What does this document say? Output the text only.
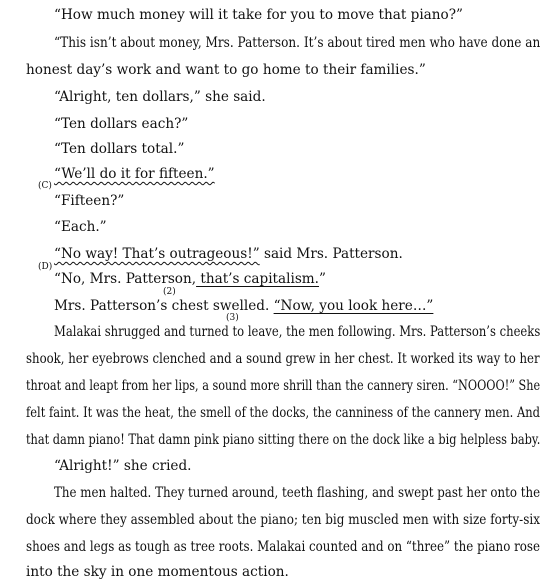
“How much money will it take for you to move that piano?”
“This isn’t about money, Mrs. Patterson. It’s about tired men who have done an
honest day’s work and want to go home to their families.”
“Alright, ten dollars,” she said.
“Ten dollars each?”
“Ten dollars total.”
“We’ll do it for fifteen.”
(C)
“Fifteen?”
“Each.”
“No way! That’s outrageous!” said Mrs. Patterson.
(D)
“No, Mrs. Patterson, that’s capitalism.”
(2)
Mrs. Patterson’s chest swelled. “Now, you look here…”
(3)
Malakai shrugged and turned to leave, the men following. Mrs. Patterson’s cheeks
shook, her eyebrows clenched and a sound grew in her chest. It worked its way to her
throat and leapt from her lips, a sound more shrill than the cannery siren. “NOOOO!” She
felt faint. It was the heat, the smell of the docks, the canniness of the cannery men. And
that damn piano! That damn pink piano sitting there on the dock like a big helpless baby.
“Alright!” she cried.
The men halted. They turned around, teeth flashing, and swept past her onto the
dock where they assembled about the piano; ten big muscled men with size forty-six
shoes and legs as tough as tree roots. Malakai counted and on “three” the piano rose
into the sky in one momentous action.
